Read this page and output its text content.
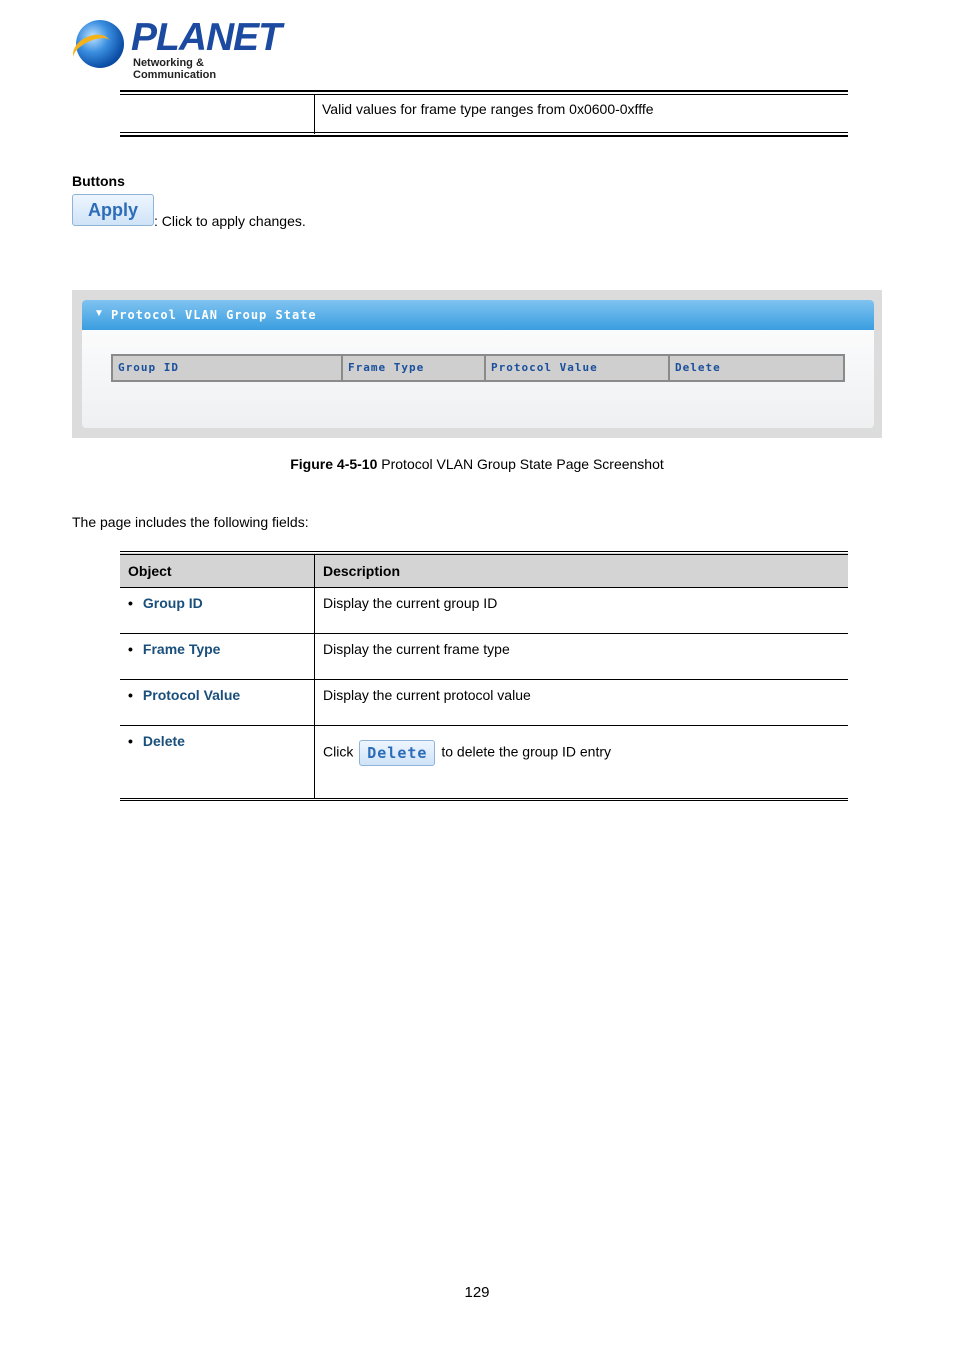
PLANET
Networking & Communication
Valid values for frame type ranges from 0x0600-0xfffe
Buttons
Apply
: Click to apply changes.
▼ Protocol VLAN Group State
Group ID	Frame Type	Protocol Value	Delete
Figure 4-5-10 Protocol VLAN Group State Page Screenshot
The page includes the following fields:
Object	Description
• Group ID	Display the current group ID
• Frame Type	Display the current frame type
• Protocol Value	Display the current protocol value
• Delete	Click Delete to delete the group ID entry
129
